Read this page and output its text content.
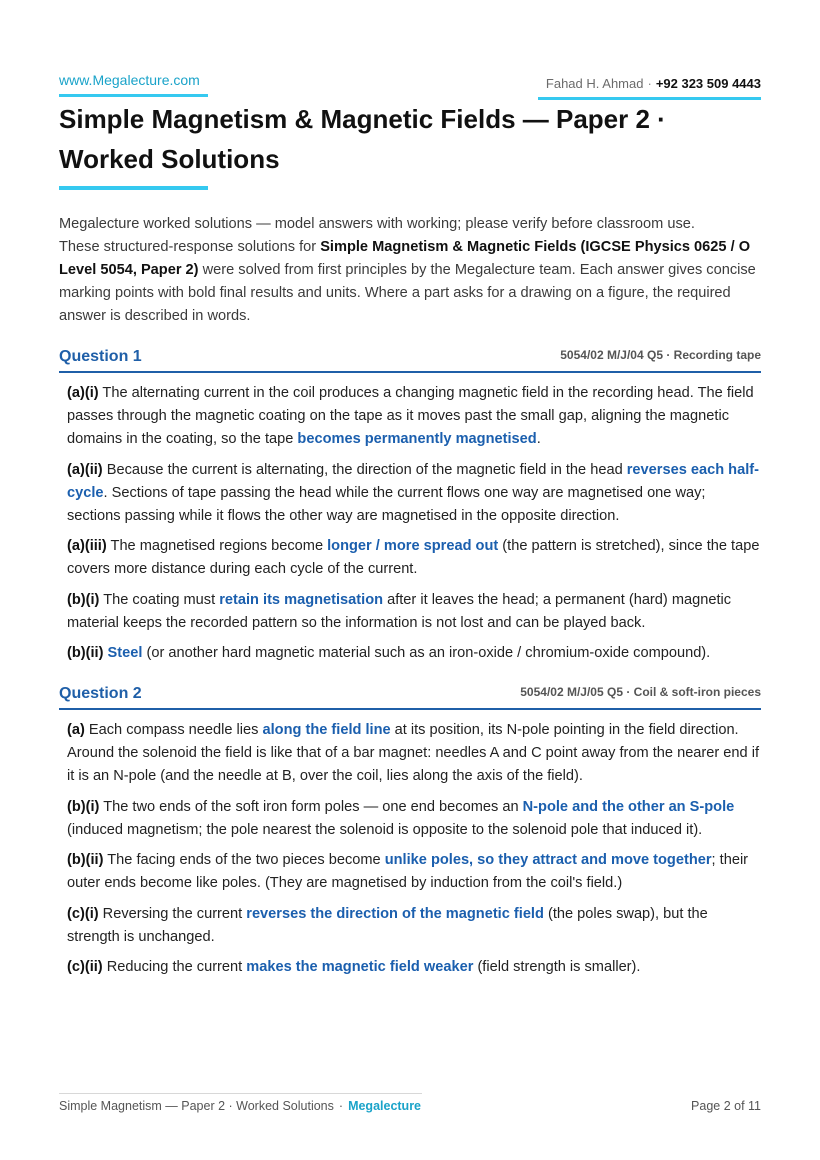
www.Megalecture.com	Fahad H. Ahmad · +92 323 509 4443
Simple Magnetism & Magnetic Fields — Paper 2 · Worked Solutions

Megalecture worked solutions — model answers with working; please verify before classroom use.
These structured-response solutions for Simple Magnetism & Magnetic Fields (IGCSE Physics 0625 / O Level 5054, Paper 2) were solved from first principles by the Megalecture team. Each answer gives concise marking points with bold final results and units. Where a part asks for a drawing on a figure, the required answer is described in words.

Question 1	5054/02 M/J/04 Q5 · Recording tape
(a)(i) The alternating current in the coil produces a changing magnetic field in the recording head. The field passes through the magnetic coating on the tape as it moves past the small gap, aligning the magnetic domains in the coating, so the tape becomes permanently magnetised.
(a)(ii) Because the current is alternating, the direction of the magnetic field in the head reverses each half-cycle. Sections of tape passing the head while the current flows one way are magnetised one way; sections passing while it flows the other way are magnetised in the opposite direction.
(a)(iii) The magnetised regions become longer / more spread out (the pattern is stretched), since the tape covers more distance during each cycle of the current.
(b)(i) The coating must retain its magnetisation after it leaves the head; a permanent (hard) magnetic material keeps the recorded pattern so the information is not lost and can be played back.
(b)(ii) Steel (or another hard magnetic material such as an iron-oxide / chromium-oxide compound).
Question 2	5054/02 M/J/05 Q5 · Coil & soft-iron pieces
(a) Each compass needle lies along the field line at its position, its N-pole pointing in the field direction. Around the solenoid the field is like that of a bar magnet: needles A and C point away from the nearer end if it is an N-pole (and the needle at B, over the coil, lies along the axis of the field).
(b)(i) The two ends of the soft iron form poles — one end becomes an N-pole and the other an S-pole (induced magnetism; the pole nearest the solenoid is opposite to the solenoid pole that induced it).
(b)(ii) The facing ends of the two pieces become unlike poles, so they attract and move together; their outer ends become like poles. (They are magnetised by induction from the coil's field.)
(c)(i) Reversing the current reverses the direction of the magnetic field (the poles swap), but the strength is unchanged.
(c)(ii) Reducing the current makes the magnetic field weaker (field strength is smaller).
Simple Magnetism — Paper 2 · Worked Solutions · Megalecture	Page 2 of 11
